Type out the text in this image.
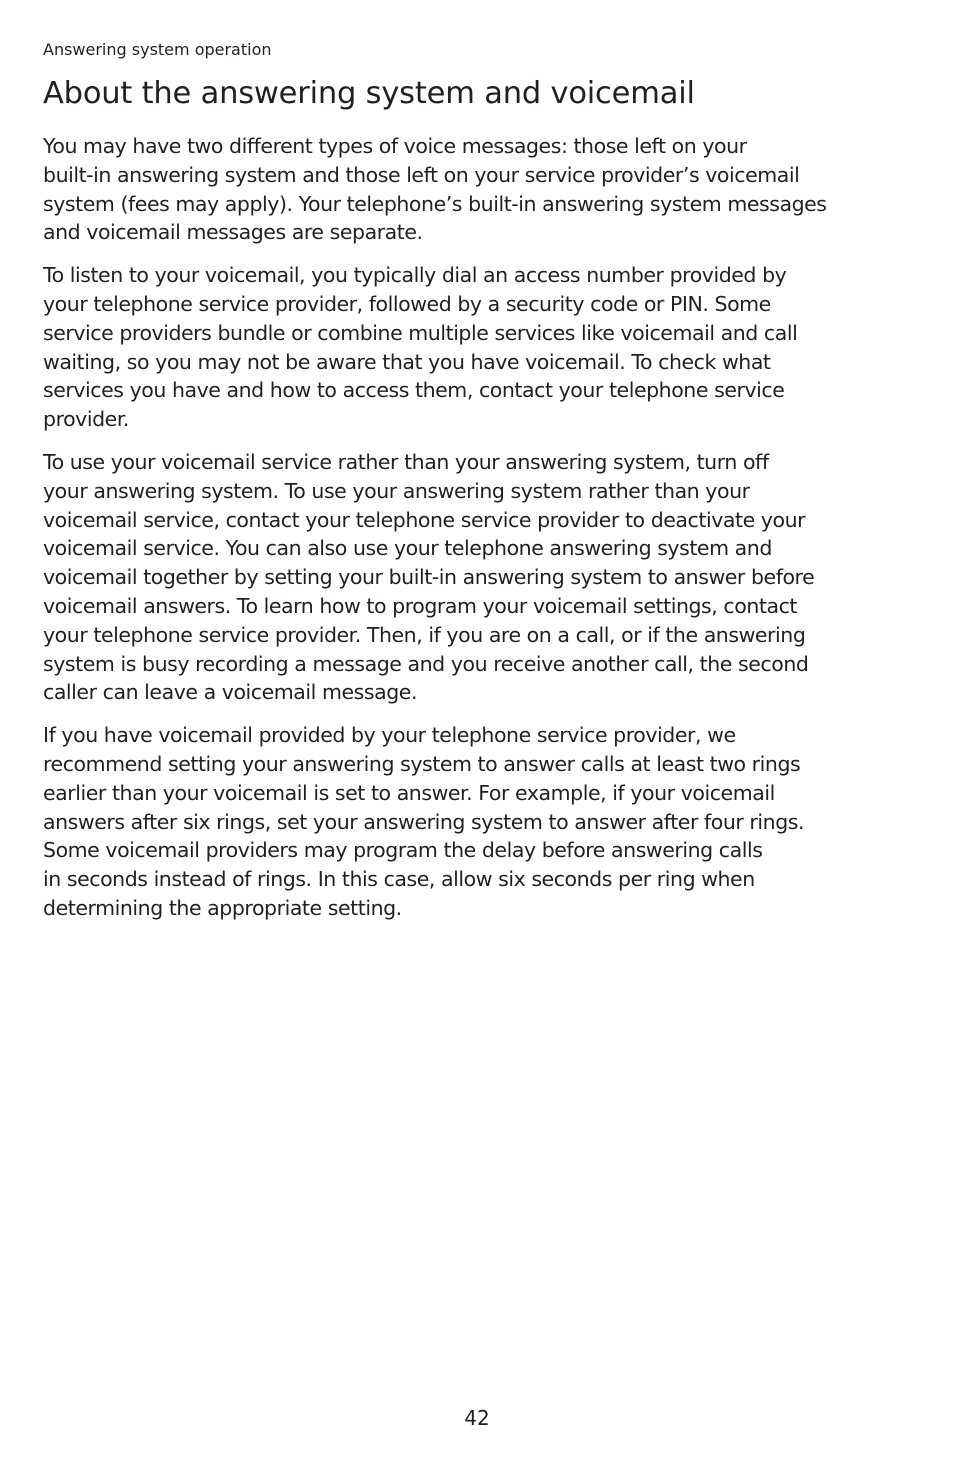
Answering system operation
About the answering system and voicemail

You may have two different types of voice messages: those left on your
built-in answering system and those left on your service provider’s voicemail
system (fees may apply). Your telephone’s built-in answering system messages
and voicemail messages are separate.

To listen to your voicemail, you typically dial an access number provided by
your telephone service provider, followed by a security code or PIN. Some
service providers bundle or combine multiple services like voicemail and call
waiting, so you may not be aware that you have voicemail. To check what
services you have and how to access them, contact your telephone service
provider.

To use your voicemail service rather than your answering system, turn off
your answering system. To use your answering system rather than your
voicemail service, contact your telephone service provider to deactivate your
voicemail service. You can also use your telephone answering system and
voicemail together by setting your built-in answering system to answer before
voicemail answers. To learn how to program your voicemail settings, contact
your telephone service provider. Then, if you are on a call, or if the answering
system is busy recording a message and you receive another call, the second
caller can leave a voicemail message.

If you have voicemail provided by your telephone service provider, we
recommend setting your answering system to answer calls at least two rings
earlier than your voicemail is set to answer. For example, if your voicemail
answers after six rings, set your answering system to answer after four rings.
Some voicemail providers may program the delay before answering calls
in seconds instead of rings. In this case, allow six seconds per ring when
determining the appropriate setting.

42
